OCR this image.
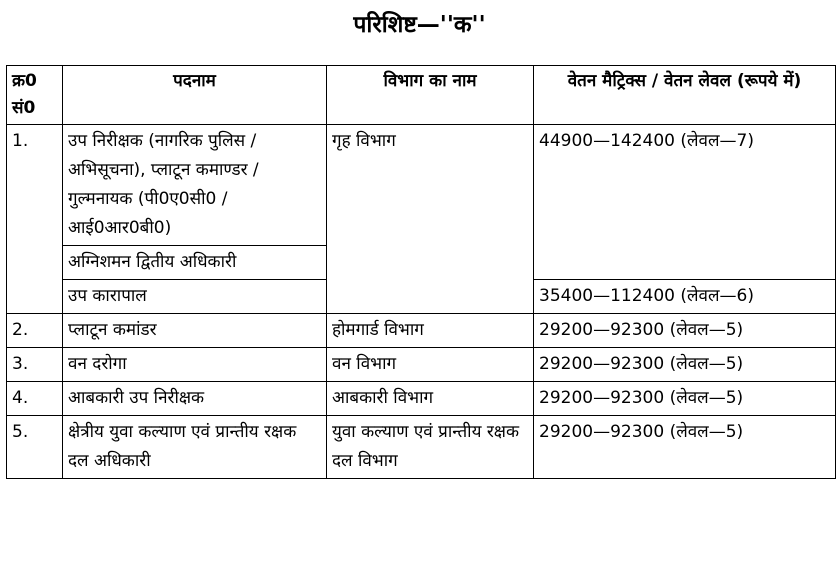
परिशिष्ट—''क''
क्र0 सं0	पदनाम	विभाग का नाम	वेतन मैट्रिक्स / वेतन लेवल (रूपये में)
1.	उप निरीक्षक (नागरिक पुलिस / अभिसूचना), प्लाटून कमाण्डर / गुल्मनायक (पी0ए0सी0 / आई0आर0बी0)	गृह विभाग	44900—142400 (लेवल—7)
	अग्निशमन द्वितीय अधिकारी		
	उप कारापाल		35400—112400 (लेवल—6)
2.	प्लाटून कमांडर	होमगार्ड विभाग	29200—92300 (लेवल—5)
3.	वन दरोगा	वन विभाग	29200—92300 (लेवल—5)
4.	आबकारी उप निरीक्षक	आबकारी विभाग	29200—92300 (लेवल—5)
5.	क्षेत्रीय युवा कल्याण एवं प्रान्तीय रक्षक दल अधिकारी	युवा कल्याण एवं प्रान्तीय रक्षक दल विभाग	29200—92300 (लेवल—5)
